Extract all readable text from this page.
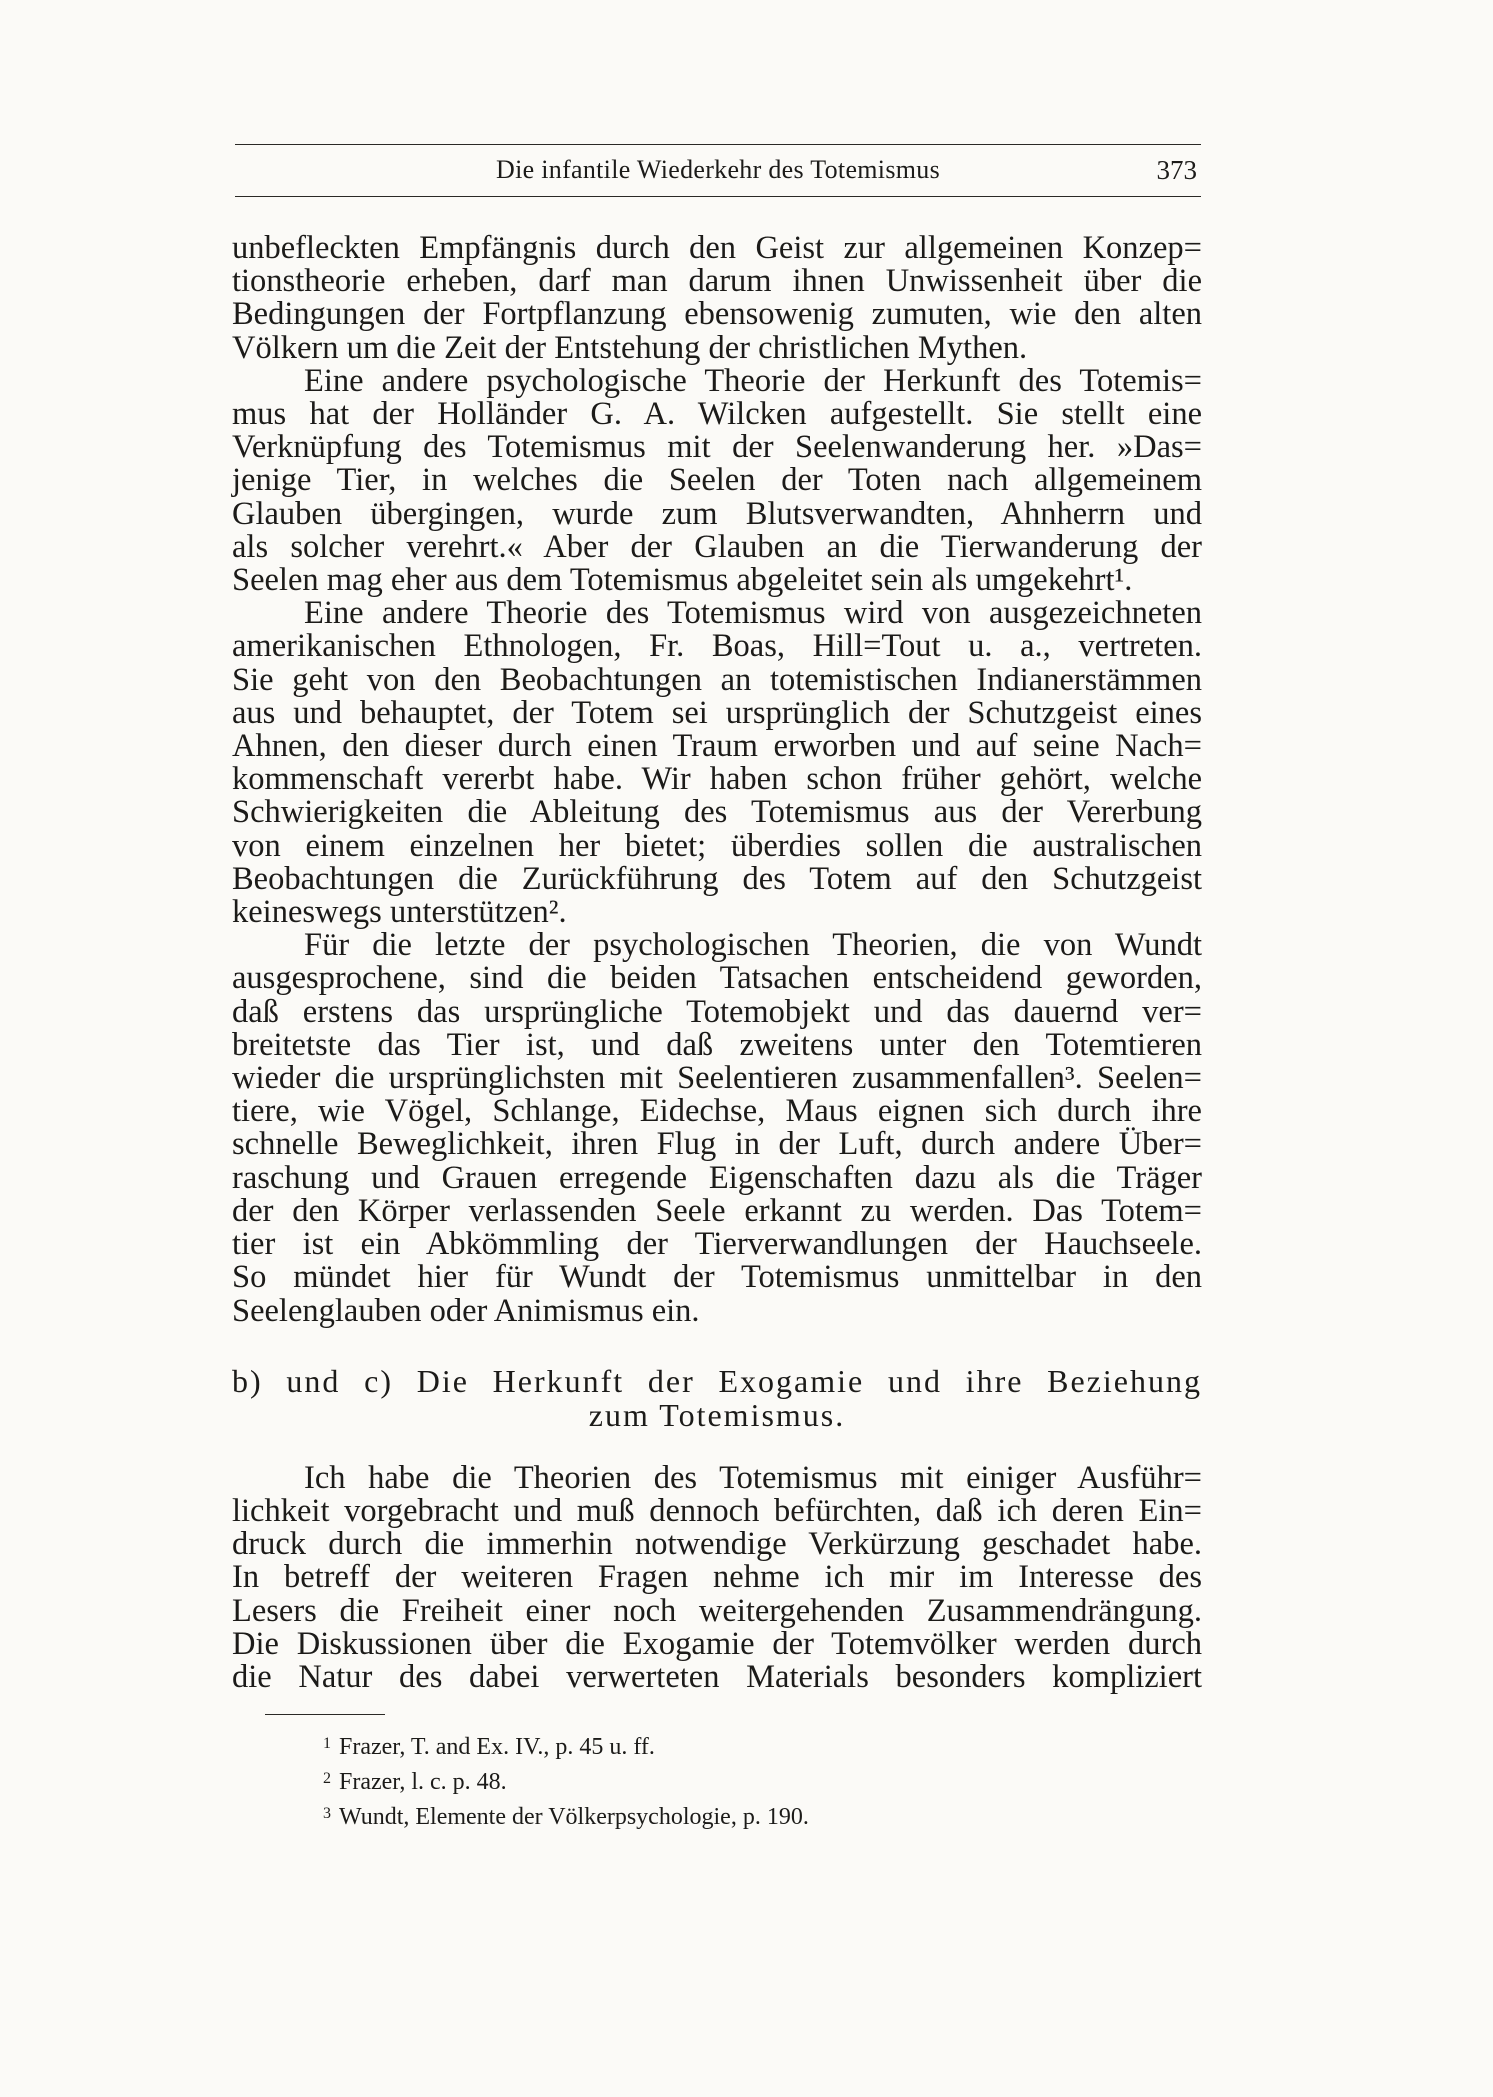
Die infantile Wiederkehr des Totemismus	373

unbefleckten Empfängnis durch den Geist zur allgemeinen Konzep=
tionstheorie erheben, darf man darum ihnen Unwissenheit über die
Bedingungen der Fortpflanzung ebensowenig zumuten, wie den alten
Völkern um die Zeit der Entstehung der christlichen Mythen.

Eine andere psychologische Theorie der Herkunft des Totemis=
mus hat der Holländer G. A. Wilcken aufgestellt. Sie stellt eine
Verknüpfung des Totemismus mit der Seelenwanderung her. »Das=
jenige Tier, in welches die Seelen der Toten nach allgemeinem
Glauben übergingen, wurde zum Blutsverwandten, Ahnherrn und
als solcher verehrt.« Aber der Glauben an die Tierwanderung der
Seelen mag eher aus dem Totemismus abgeleitet sein als umgekehrt¹.

Eine andere Theorie des Totemismus wird von ausgezeichneten
amerikanischen Ethnologen, Fr. Boas, Hill=Tout u. a., vertreten.
Sie geht von den Beobachtungen an totemistischen Indianerstämmen
aus und behauptet, der Totem sei ursprünglich der Schutzgeist eines
Ahnen, den dieser durch einen Traum erworben und auf seine Nach=
kommenschaft vererbt habe. Wir haben schon früher gehört, welche
Schwierigkeiten die Ableitung des Totemismus aus der Vererbung
von einem einzelnen her bietet; überdies sollen die australischen
Beobachtungen die Zurückführung des Totem auf den Schutzgeist
keineswegs unterstützen².

Für die letzte der psychologischen Theorien, die von Wundt
ausgesprochene, sind die beiden Tatsachen entscheidend geworden,
daß erstens das ursprüngliche Totemobjekt und das dauernd ver=
breitetste das Tier ist, und daß zweitens unter den Totemtieren
wieder die ursprünglichsten mit Seelentieren zusammenfallen³. Seelen=
tiere, wie Vögel, Schlange, Eidechse, Maus eignen sich durch ihre
schnelle Beweglichkeit, ihren Flug in der Luft, durch andere Über=
raschung und Grauen erregende Eigenschaften dazu als die Träger
der den Körper verlassenden Seele erkannt zu werden. Das Totem=
tier ist ein Abkömmling der Tierverwandlungen der Hauchseele.
So mündet hier für Wundt der Totemismus unmittelbar in den
Seelenglauben oder Animismus ein.

b) und c) Die Herkunft der Exogamie und ihre Beziehung
zum Totemismus.

Ich habe die Theorien des Totemismus mit einiger Ausführ=
lichkeit vorgebracht und muß dennoch befürchten, daß ich deren Ein=
druck durch die immerhin notwendige Verkürzung geschadet habe.
In betreff der weiteren Fragen nehme ich mir im Interesse des
Lesers die Freiheit einer noch weitergehenden Zusammendrängung.
Die Diskussionen über die Exogamie der Totemvölker werden durch
die Natur des dabei verwerteten Materials besonders kompliziert

$^1$ Frazer, T. and Ex. IV., p. 45 u. ff.
$^2$ Frazer, l. c. p. 48.
$^3$ Wundt, Elemente der Völkerpsychologie, p. 190.
